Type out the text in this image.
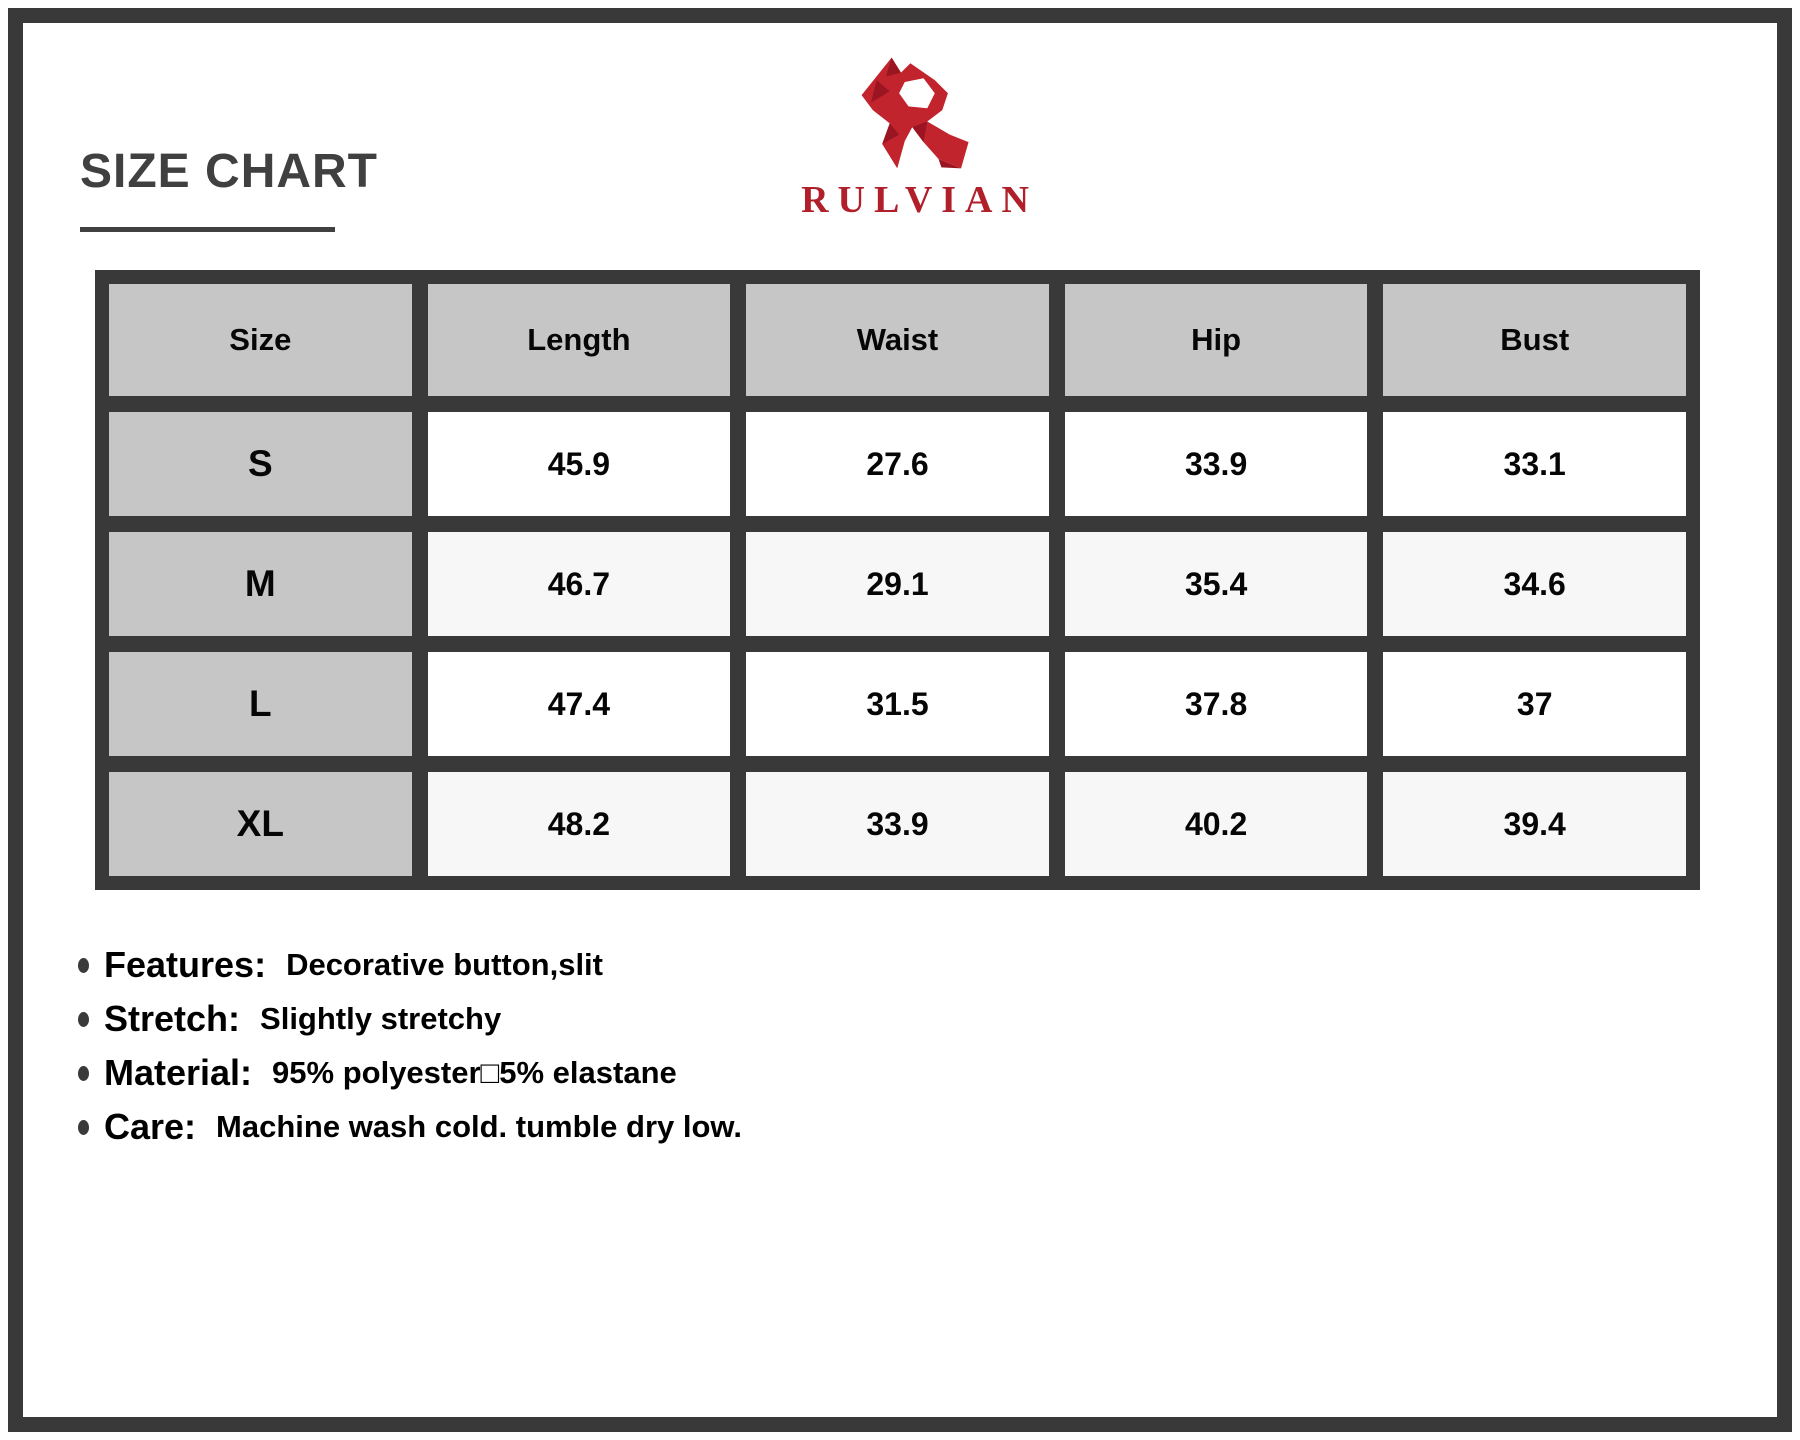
SIZE CHART
RULVIAN
Size	Length	Waist	Hip	Bust
S	45.9	27.6	33.9	33.1
M	46.7	29.1	35.4	34.6
L	47.4	31.5	37.8	37
XL	48.2	33.9	40.2	39.4
Features: Decorative button,slit
Stretch: Slightly stretchy
Material: 95% polyester□5% elastane
Care: Machine wash cold. tumble dry low.
